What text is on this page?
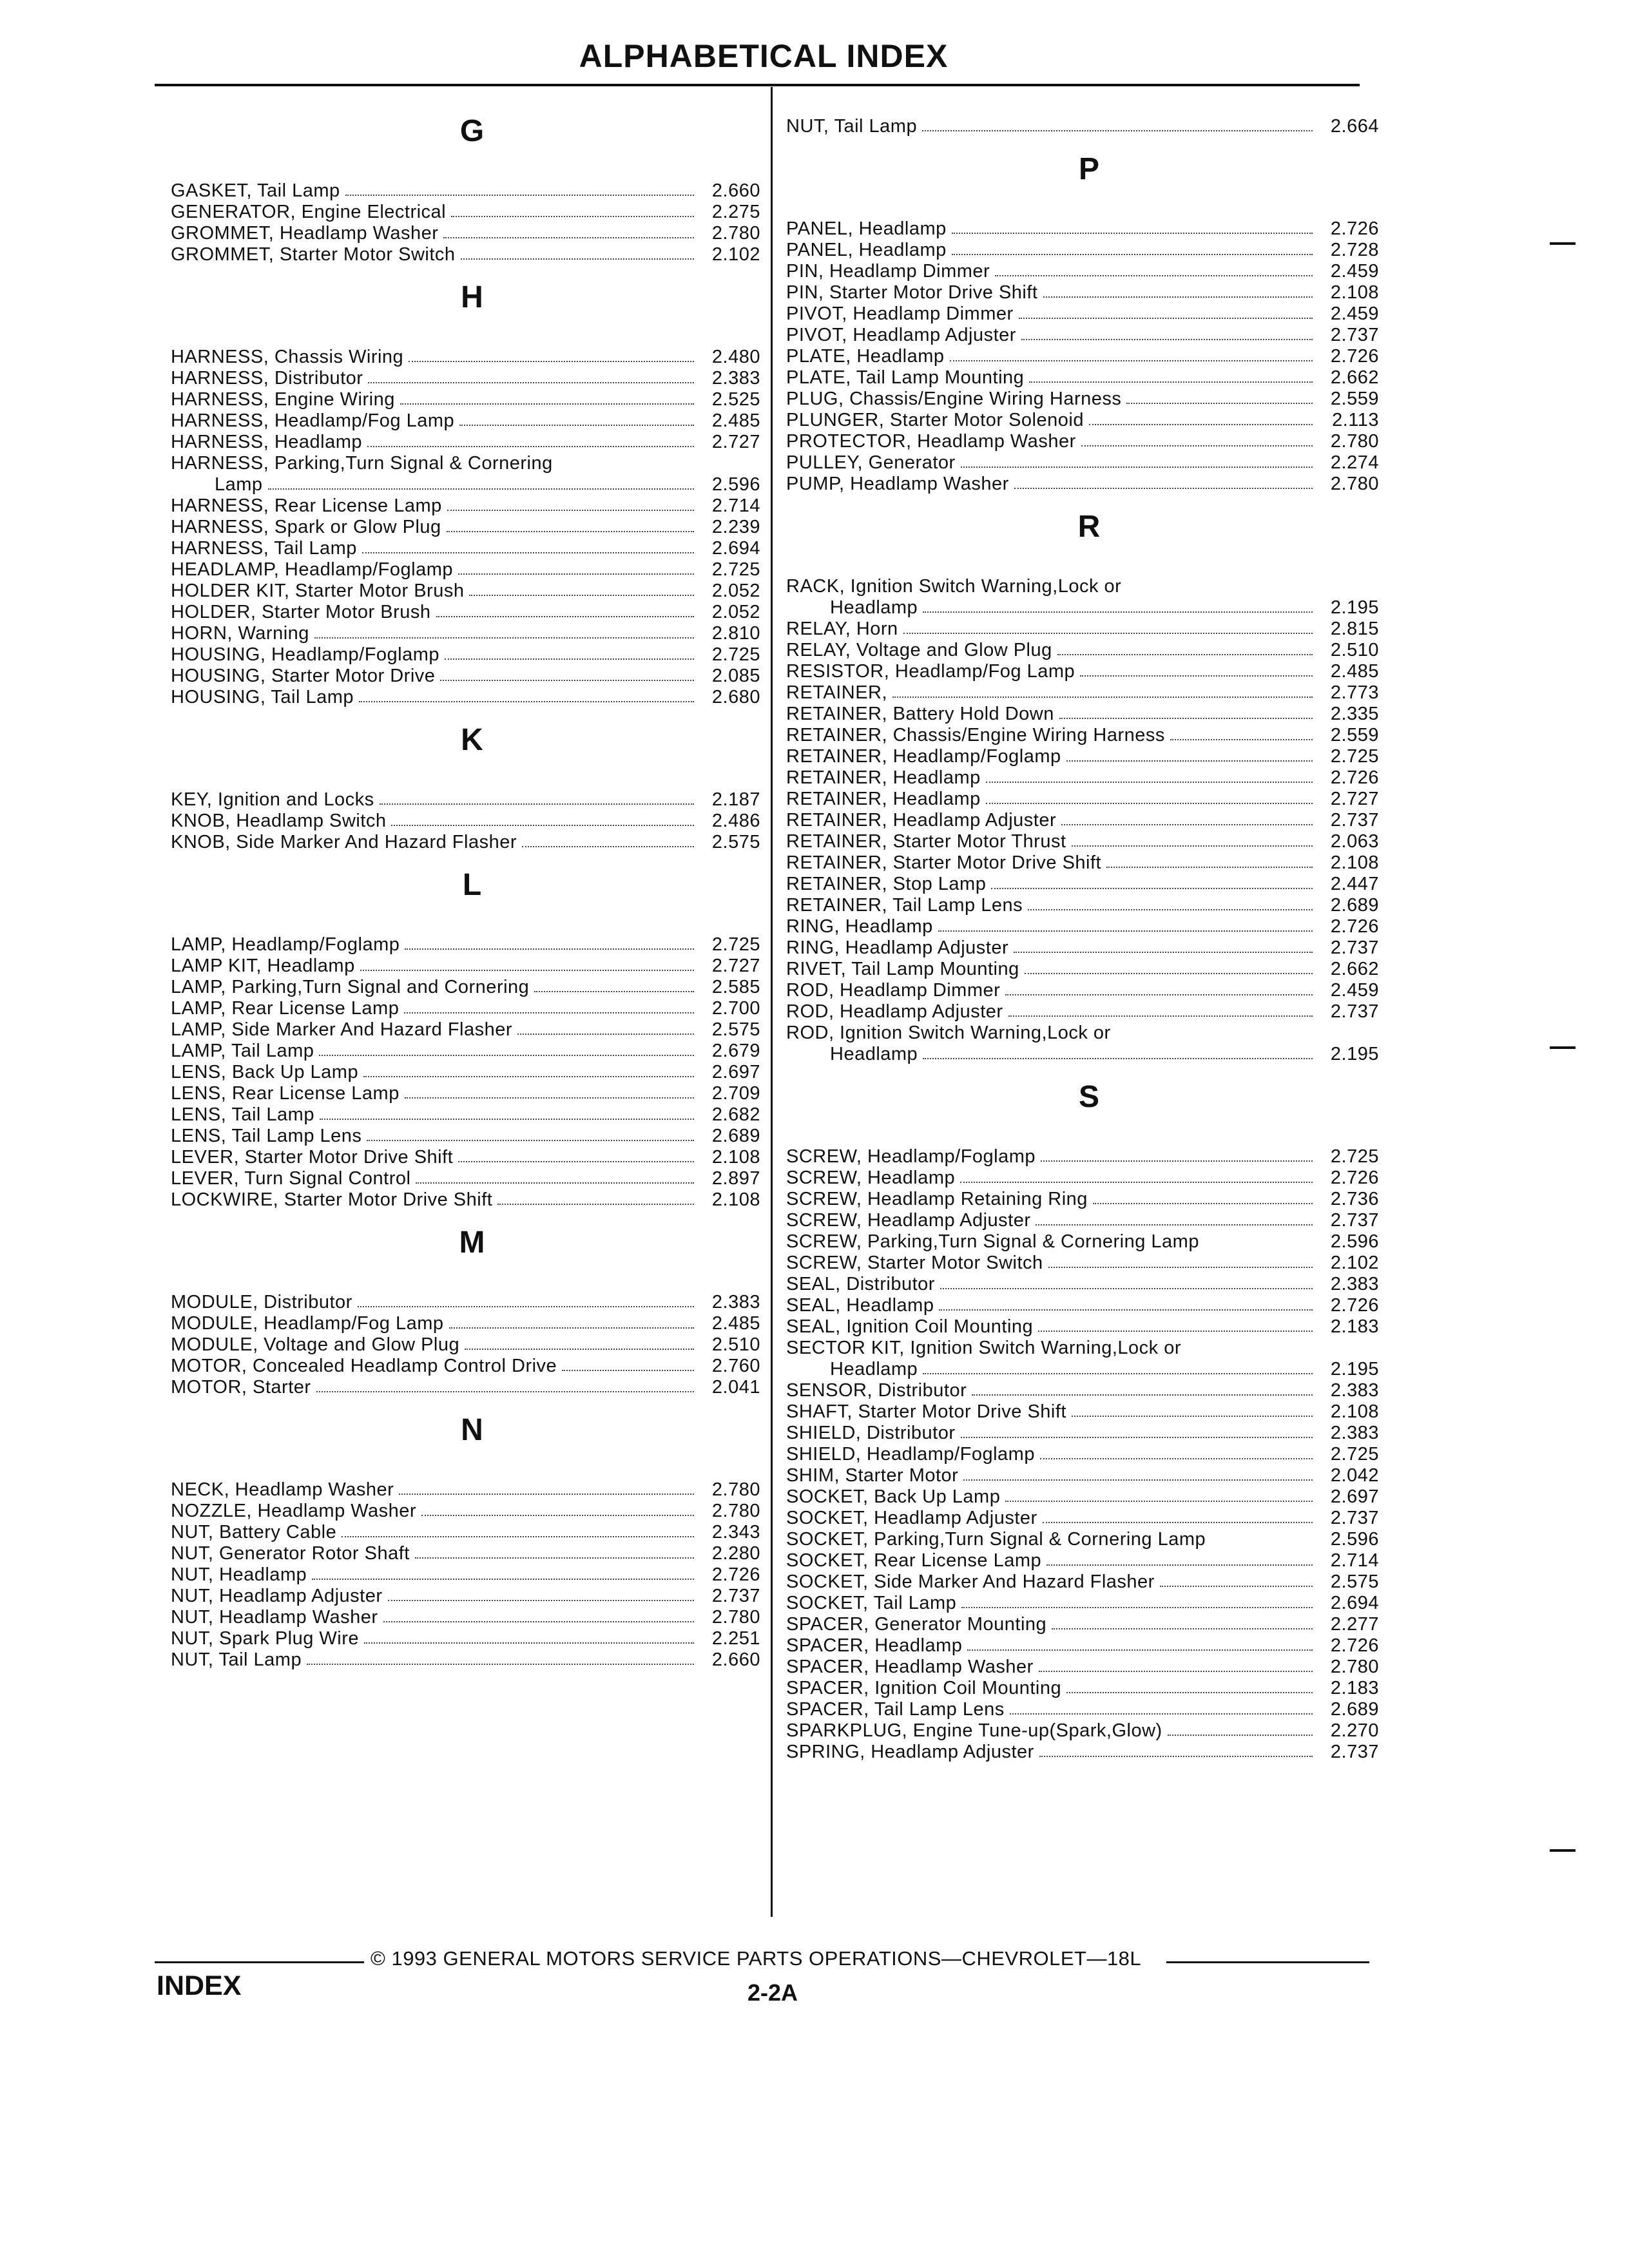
ALPHABETICAL INDEX
G
GASKET, Tail Lamp	2.660
GENERATOR, Engine Electrical	2.275
GROMMET, Headlamp Washer	2.780
GROMMET, Starter Motor Switch	2.102
H
HARNESS, Chassis Wiring	2.480
HARNESS, Distributor	2.383
HARNESS, Engine Wiring	2.525
HARNESS, Headlamp/Fog Lamp	2.485
HARNESS, Headlamp	2.727
HARNESS, Parking,Turn Signal & Cornering
Lamp	2.596
HARNESS, Rear License Lamp	2.714
HARNESS, Spark or Glow Plug	2.239
HARNESS, Tail Lamp	2.694
HEADLAMP, Headlamp/Foglamp	2.725
HOLDER KIT, Starter Motor Brush	2.052
HOLDER, Starter Motor Brush	2.052
HORN, Warning	2.810
HOUSING, Headlamp/Foglamp	2.725
HOUSING, Starter Motor Drive	2.085
HOUSING, Tail Lamp	2.680
K
KEY, Ignition and Locks	2.187
KNOB, Headlamp Switch	2.486
KNOB, Side Marker And Hazard Flasher	2.575
L
LAMP, Headlamp/Foglamp	2.725
LAMP KIT, Headlamp	2.727
LAMP, Parking,Turn Signal and Cornering	2.585
LAMP, Rear License Lamp	2.700
LAMP, Side Marker And Hazard Flasher	2.575
LAMP, Tail Lamp	2.679
LENS, Back Up Lamp	2.697
LENS, Rear License Lamp	2.709
LENS, Tail Lamp	2.682
LENS, Tail Lamp Lens	2.689
LEVER, Starter Motor Drive Shift	2.108
LEVER, Turn Signal Control	2.897
LOCKWIRE, Starter Motor Drive Shift	2.108
M
MODULE, Distributor	2.383
MODULE, Headlamp/Fog Lamp	2.485
MODULE, Voltage and Glow Plug	2.510
MOTOR, Concealed Headlamp Control Drive	2.760
MOTOR, Starter	2.041
N
NECK, Headlamp Washer	2.780
NOZZLE, Headlamp Washer	2.780
NUT, Battery Cable	2.343
NUT, Generator Rotor Shaft	2.280
NUT, Headlamp	2.726
NUT, Headlamp Adjuster	2.737
NUT, Headlamp Washer	2.780
NUT, Spark Plug Wire	2.251
NUT, Tail Lamp	2.660
NUT, Tail Lamp	2.664
P
PANEL, Headlamp	2.726
PANEL, Headlamp	2.728
PIN, Headlamp Dimmer	2.459
PIN, Starter Motor Drive Shift	2.108
PIVOT, Headlamp Dimmer	2.459
PIVOT, Headlamp Adjuster	2.737
PLATE, Headlamp	2.726
PLATE, Tail Lamp Mounting	2.662
PLUG, Chassis/Engine Wiring Harness	2.559
PLUNGER, Starter Motor Solenoid	2.113
PROTECTOR, Headlamp Washer	2.780
PULLEY, Generator	2.274
PUMP, Headlamp Washer	2.780
R
RACK, Ignition Switch Warning,Lock or
Headlamp	2.195
RELAY, Horn	2.815
RELAY, Voltage and Glow Plug	2.510
RESISTOR, Headlamp/Fog Lamp	2.485
RETAINER,	2.773
RETAINER, Battery Hold Down	2.335
RETAINER, Chassis/Engine Wiring Harness	2.559
RETAINER, Headlamp/Foglamp	2.725
RETAINER, Headlamp	2.726
RETAINER, Headlamp	2.727
RETAINER, Headlamp Adjuster	2.737
RETAINER, Starter Motor Thrust	2.063
RETAINER, Starter Motor Drive Shift	2.108
RETAINER, Stop Lamp	2.447
RETAINER, Tail Lamp Lens	2.689
RING, Headlamp	2.726
RING, Headlamp Adjuster	2.737
RIVET, Tail Lamp Mounting	2.662
ROD, Headlamp Dimmer	2.459
ROD, Headlamp Adjuster	2.737
ROD, Ignition Switch Warning,Lock or
Headlamp	2.195
S
SCREW, Headlamp/Foglamp	2.725
SCREW, Headlamp	2.726
SCREW, Headlamp Retaining Ring	2.736
SCREW, Headlamp Adjuster	2.737
SCREW, Parking,Turn Signal & Cornering Lamp	2.596
SCREW, Starter Motor Switch	2.102
SEAL, Distributor	2.383
SEAL, Headlamp	2.726
SEAL, Ignition Coil Mounting	2.183
SECTOR KIT, Ignition Switch Warning,Lock or
Headlamp	2.195
SENSOR, Distributor	2.383
SHAFT, Starter Motor Drive Shift	2.108
SHIELD, Distributor	2.383
SHIELD, Headlamp/Foglamp	2.725
SHIM, Starter Motor	2.042
SOCKET, Back Up Lamp	2.697
SOCKET, Headlamp Adjuster	2.737
SOCKET, Parking,Turn Signal & Cornering Lamp	2.596
SOCKET, Rear License Lamp	2.714
SOCKET, Side Marker And Hazard Flasher	2.575
SOCKET, Tail Lamp	2.694
SPACER, Generator Mounting	2.277
SPACER, Headlamp	2.726
SPACER, Headlamp Washer	2.780
SPACER, Ignition Coil Mounting	2.183
SPACER, Tail Lamp Lens	2.689
SPARKPLUG, Engine Tune-up(Spark,Glow)	2.270
SPRING, Headlamp Adjuster	2.737
© 1993 GENERAL MOTORS SERVICE PARTS OPERATIONS—CHEVROLET—18L
INDEX	2-2A
